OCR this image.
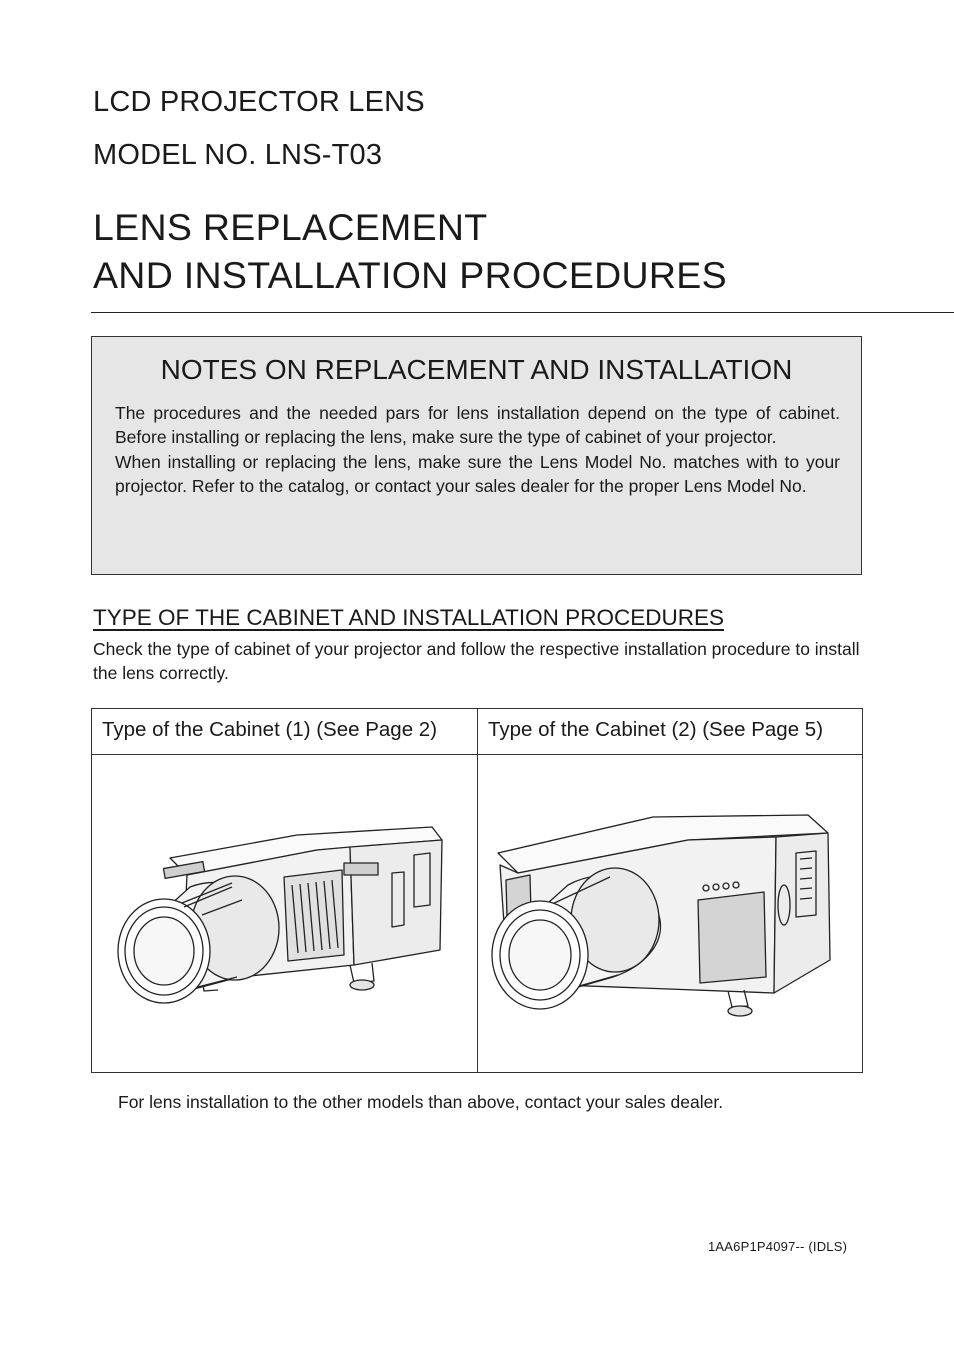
LCD PROJECTOR LENS
MODEL NO. LNS-T03
LENS REPLACEMENT
AND INSTALLATION PROCEDURES
NOTES ON REPLACEMENT AND INSTALLATION

The procedures and the needed pars for lens installation depend on the type of cabinet. Before installing or replacing the lens, make sure the type of cabinet of your projector.

When installing or replacing the lens, make sure the Lens Model No. matches with to your projector. Refer to the catalog, or contact your sales dealer for the proper Lens Model No.

TYPE OF THE CABINET AND INSTALLATION PROCEDURES
Check the type of cabinet of your projector and follow the respective installation procedure to install the lens correctly.
Type of the Cabinet (1) (See Page 2) Type of the Cabinet (2) (See Page 5)
For lens installation to the other models than above, contact your sales dealer.
1AA6P1P4097-- (IDLS)
